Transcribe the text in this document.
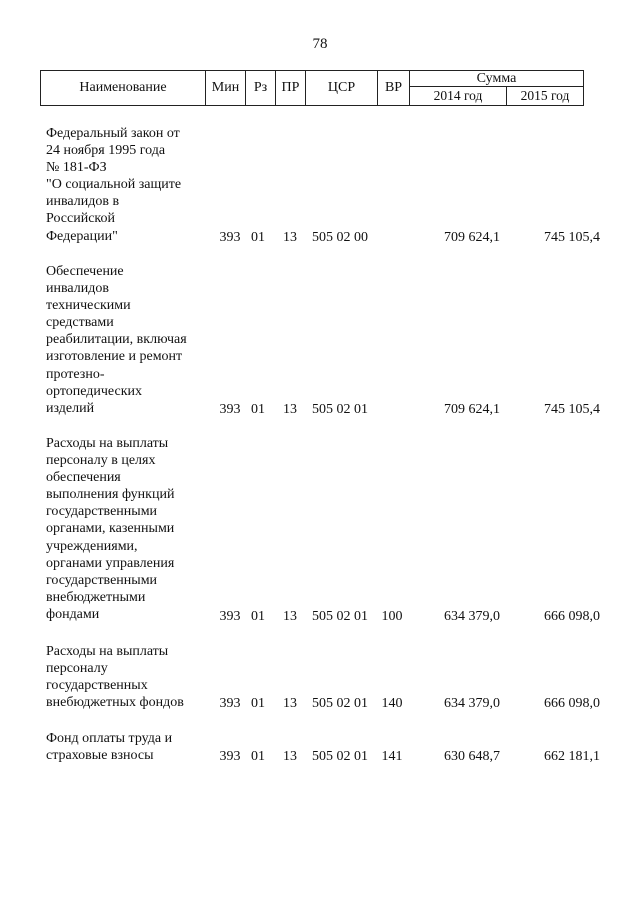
78
Наименование	Мин	Рз	ПР	ЦСР	ВР	Сумма	
						2014 год	2015 год
Федеральный закон от
24 ноября 1995 года
№ 181-ФЗ
"О социальной защите
инвалидов в
Российской
Федерации"	393 01 13	505 02 00	709 624,1	745 105,4
Обеспечение
инвалидов
техническими
средствами
реабилитации, включая
изготовление и ремонт
протезно-
ортопедических
изделий	393 01 13	505 02 01	709 624,1	745 105,4
Расходы на выплаты
персоналу в целях
обеспечения
выполнения функций
государственными
органами, казенными
учреждениями,
органами управления
государственными
внебюджетными
фондами	393 01 13	505 02 01 100	634 379,0	666 098,0
Расходы на выплаты
персоналу
государственных
внебюджетных фондов	393 01 13	505 02 01 140	634 379,0	666 098,0
Фонд оплаты труда и
страховые взносы	393 01 13	505 02 01 141	630 648,7	662 181,1
